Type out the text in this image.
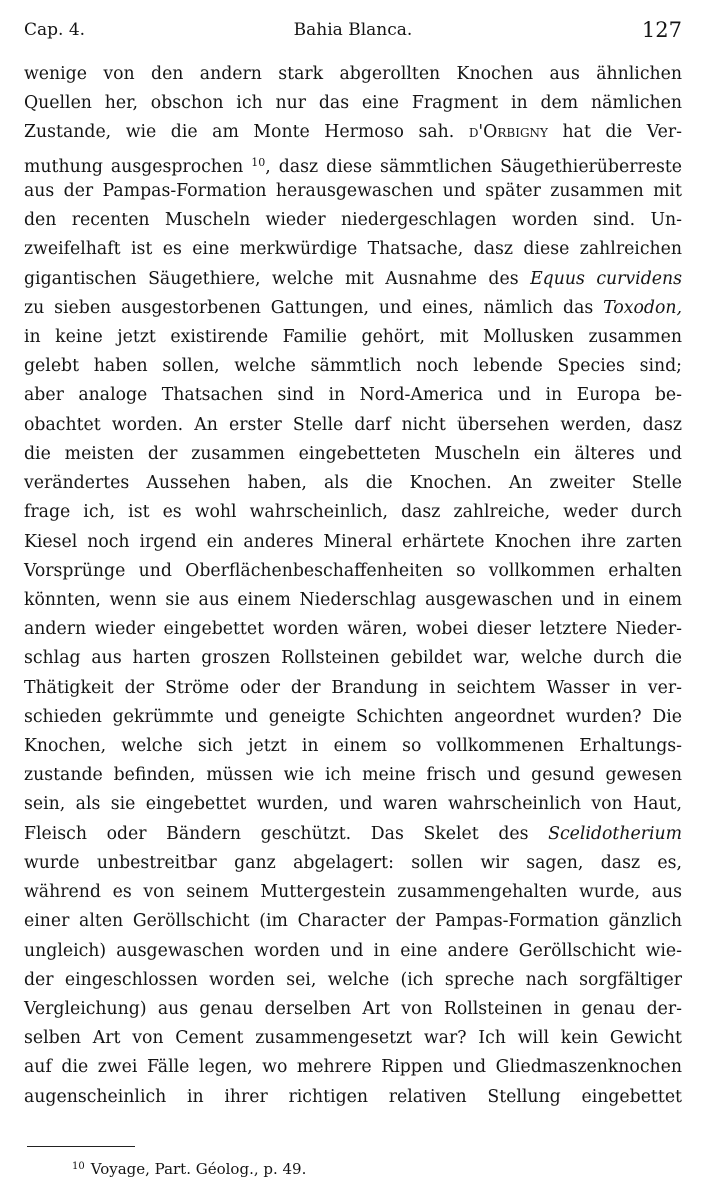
Cap. 4.	Bahia Blanca.	127
wenige von den andern stark abgerollten Knochen aus ähnlichen
Quellen her, obschon ich nur das eine Fragment in dem nämlichen
Zustande, wie die am Monte Hermoso sah. d'Orbigny hat die Ver-
muthung ausgesprochen $^{10}$, dasz diese sämmtlichen Säugethierüberreste
aus der Pampas-Formation herausgewaschen und später zusammen mit
den recenten Muscheln wieder niedergeschlagen worden sind. Un-
zweifelhaft ist es eine merkwürdige Thatsache, dasz diese zahlreichen
gigantischen Säugethiere, welche mit Ausnahme des Equus curvidens
zu sieben ausgestorbenen Gattungen, und eines, nämlich das Toxodon,
in keine jetzt existirende Familie gehört, mit Mollusken zusammen
gelebt haben sollen, welche sämmtlich noch lebende Species sind;
aber analoge Thatsachen sind in Nord-America und in Europa be-
obachtet worden. An erster Stelle darf nicht übersehen werden, dasz
die meisten der zusammen eingebetteten Muscheln ein älteres und
verändertes Aussehen haben, als die Knochen. An zweiter Stelle
frage ich, ist es wohl wahrscheinlich, dasz zahlreiche, weder durch
Kiesel noch irgend ein anderes Mineral erhärtete Knochen ihre zarten
Vorsprünge und Oberflächenbeschaffenheiten so vollkommen erhalten
könnten, wenn sie aus einem Niederschlag ausgewaschen und in einem
andern wieder eingebettet worden wären, wobei dieser letztere Nieder-
schlag aus harten groszen Rollsteinen gebildet war, welche durch die
Thätigkeit der Ströme oder der Brandung in seichtem Wasser in ver-
schieden gekrümmte und geneigte Schichten angeordnet wurden? Die
Knochen, welche sich jetzt in einem so vollkommenen Erhaltungs-
zustande befinden, müssen wie ich meine frisch und gesund gewesen
sein, als sie eingebettet wurden, und waren wahrscheinlich von Haut,
Fleisch oder Bändern geschützt. Das Skelet des Scelidotherium
wurde unbestreitbar ganz abgelagert: sollen wir sagen, dasz es,
während es von seinem Muttergestein zusammengehalten wurde, aus
einer alten Geröllschicht (im Character der Pampas-Formation gänzlich
ungleich) ausgewaschen worden und in eine andere Geröllschicht wie-
der eingeschlossen worden sei, welche (ich spreche nach sorgfältiger
Vergleichung) aus genau derselben Art von Rollsteinen in genau der-
selben Art von Cement zusammengesetzt war? Ich will kein Gewicht
auf die zwei Fälle legen, wo mehrere Rippen und Gliedmaszenknochen
augenscheinlich in ihrer richtigen relativen Stellung eingebettet
$^{10}$ Voyage, Part. Géolog., p. 49.
